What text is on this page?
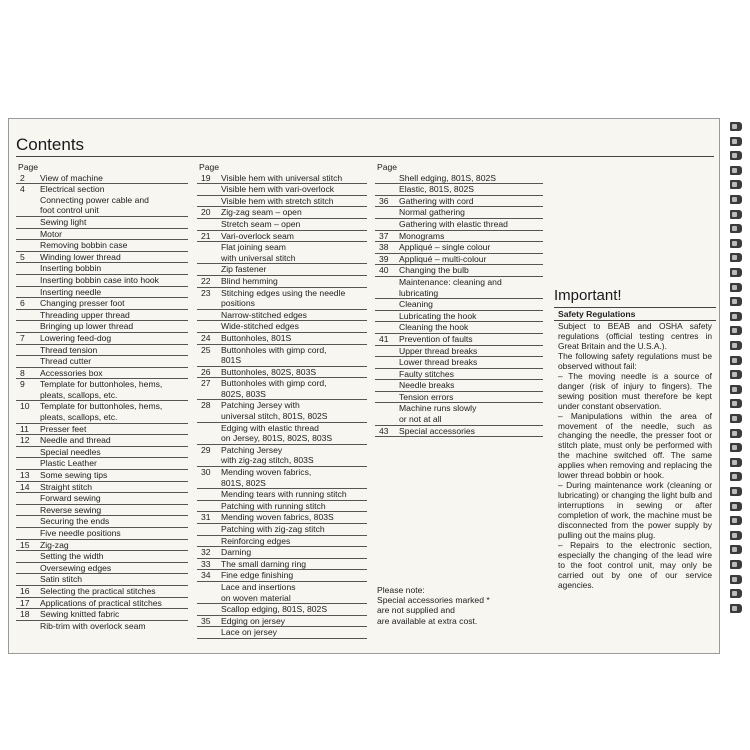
Contents
Page
2	View of machine
4	Electrical section
Connecting power cable and
foot control unit
Sewing light
Motor
Removing bobbin case
5	Winding lower thread
Inserting bobbin
Inserting bobbin case into hook
Inserting needle
6	Changing presser foot
Threading upper thread
Bringing up lower thread
7	Lowering feed-dog
Thread tension
Thread cutter
8	Accessories box
9	Template for buttonholes, hems,
pleats, scallops, etc.
10	Template for buttonholes, hems,
pleats, scallops, etc.
11	Presser feet
12	Needle and thread
Special needles
Plastic Leather
13	Some sewing tips
14	Straight stitch
Forward sewing
Reverse sewing
Securing the ends
Five needle positions
15	Zig-zag
Setting the width
Oversewing edges
Satin stitch
16	Selecting the practical stitches
17	Applications of practical stitches
18	Sewing knitted fabric
Rib-trim with overlock seam
Page
19	Visible hem with universal stitch
Visible hem with vari-overlock
Visible hem with stretch stitch
20	Zig-zag seam – open
Stretch seam – open
21	Vari-overlock seam
Flat joining seam
with universal stitch
Zip fastener
22	Blind hemming
23	Stitching edges using the needle
positions
Narrow-stitched edges
Wide-stitched edges
24	Buttonholes, 801S
25	Buttonholes with gimp cord,
801S
26	Buttonholes, 802S, 803S
27	Buttonholes with gimp cord,
802S, 803S
28	Patching Jersey with
universal stitch, 801S, 802S
Edging with elastic thread
on Jersey, 801S, 802S, 803S
29	Patching Jersey
with zig-zag stitch, 803S
30	Mending woven fabrics,
801S, 802S
Mending tears with running stitch
Patching with running stitch
31	Mending woven fabrics, 803S
Patching with zig-zag stitch
Reinforcing edges
32	Darning
33	The small darning ring
34	Fine edge finishing
Lace and insertions
on woven material
Scallop edging, 801S, 802S
35	Edging on jersey
Lace on jersey
Page
Shell edging, 801S, 802S
Elastic, 801S, 802S
36	Gathering with cord
Normal gathering
Gathering with elastic thread
37	Monograms
38	Appliqué – single colour
39	Appliqué – multi-colour
40	Changing the bulb
Maintenance: cleaning and
lubricating
Cleaning
Lubricating the hook
Cleaning the hook
41	Prevention of faults
Upper thread breaks
Lower thread breaks
Faulty stitches
Needle breaks
Tension errors
Machine runs slowly
or not at all
43	Special accessories
Please note:
Special accessories marked *
are not supplied and
are available at extra cost.
Important!
Safety Regulations

Subject to BEAB and OSHA safety regulations (official testing centres in Great Britain and the U.S.A.).

The following safety regulations must be observed without fail:

– The moving needle is a source of danger (risk of injury to fingers). The sewing position must therefore be kept under constant observation.

– Manipulations within the area of movement of the needle, such as changing the needle, the presser foot or stitch plate, must only be performed with the machine switched off. The same applies when removing and replacing the lower thread bobbin or hook.

– During maintenance work (cleaning or lubricating) or changing the light bulb and interruptions in sewing or after completion of work, the machine must be disconnected from the power supply by pulling out the mains plug.

– Repairs to the electronic section, especially the changing of the lead wire to the foot control unit, may only be carried out by one of our service agencies.
